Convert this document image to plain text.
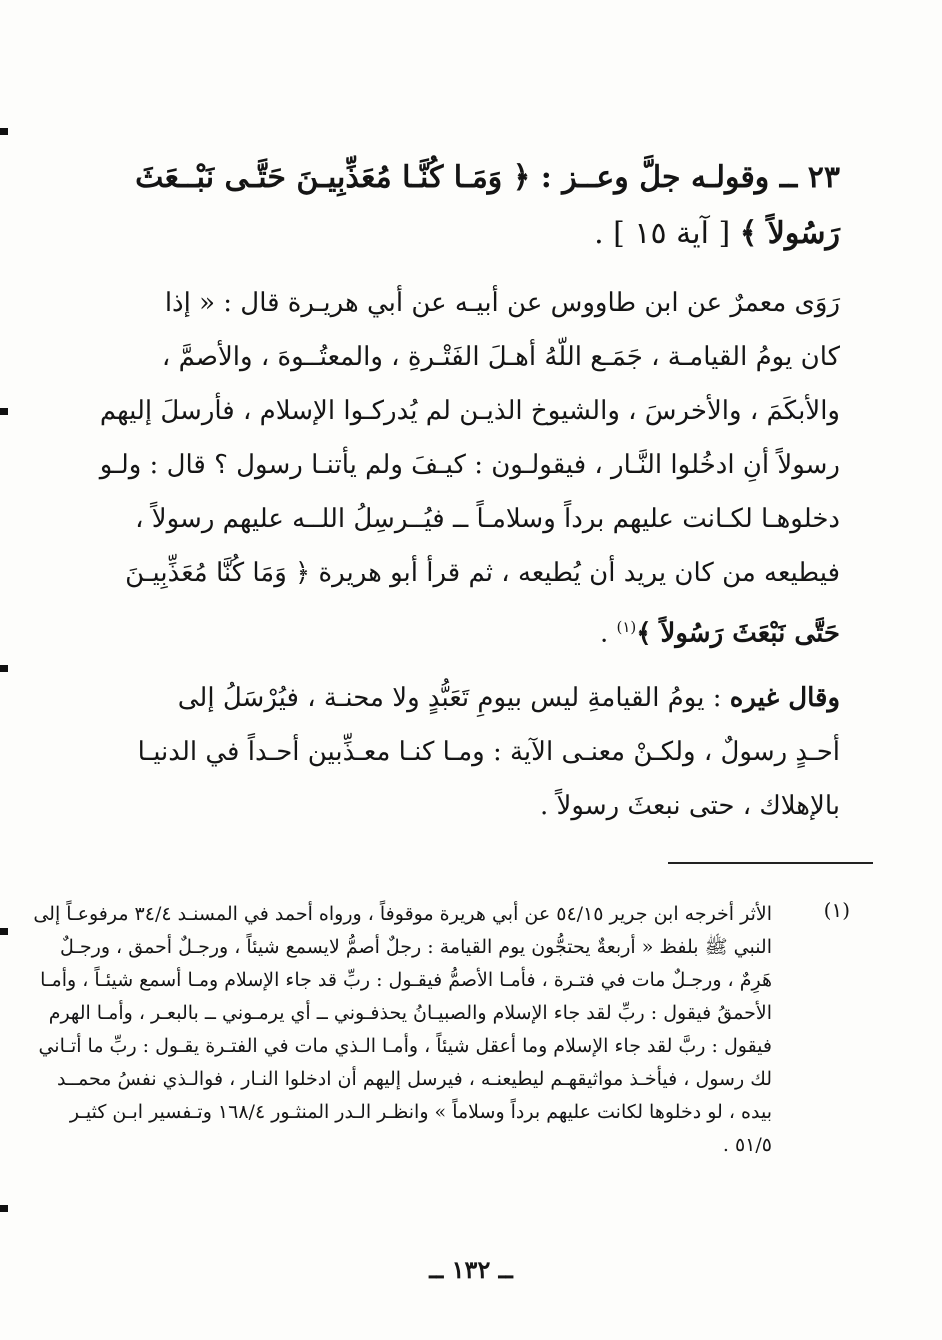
٢٣ ــ وقولـه جلَّ وعــز : ﴿ وَمَـا كُنَّـا مُعَذِّبِيـنَ حَتَّـى نَبْــعَثَ
رَسُولاً ﴾ [ آية ١٥ ] .
رَوَى معمرٌ عن ابن طاووس عن أبيـه عن أبي هريـرة قال : « إذا
كان يومُ القيامـة ، جَمَـع اللّهُ أهـلَ الفَتْـرةِ ، والمعتُــوهَ ، والأصمَّ ،
والأبكَمَ ، والأخرسَ ، والشيوخ الذيـن لم يُدركـوا الإسلام ، فأرسلَ إليهم
رسولاً أنِ ادخُلوا النَّـار ، فيقولـون : كيـفَ ولم يأتنـا رسول ؟ قال : ولـو
دخلوهـا لكـانت عليهم برداً وسلامـاً ــ فيُــرسِلُ اللــه عليهم رسولاً ،
فيطيعه من كان يريد أن يُطيعه ، ثم قرأ أبو هريرة ﴿ وَمَا كُنَّا مُعَذِّبِيـنَ
حَتَّى نَبْعَثَ رَسُولاً ﴾$^{(١)}$ .
وقال غيره : يومُ القيامةِ ليس بيومِ تَعَبُّدٍ ولا محنـة ، فيُرْسَلُ إلى
أحـدٍ رسولٌ ، ولكـنْ معنـى الآية : ومـا كنـا معـذِّبين أحـداً في الدنيـا
بالإهلاك ، حتى نبعثَ رسولاً .
(١)
الأثر أخرجه ابن جرير ٥٤/١٥ عن أبي هريرة موقوفاً ، ورواه أحمد في المسنـد ٣٤/٤ مرفوعـاً إلى
النبي ﷺ بلفظ « أربعةٌ يحتجُّون يوم القيامة : رجلٌ أصمُّ لايسمع شيئاً ، ورجـلٌ أحمق ، ورجـلٌ
هَرِمٌ ، ورجـلٌ مات في فتـرة ، فأمـا الأصمُّ فيقـول : ربِّ قد جاء الإسلام ومـا أسمع شيئـاً ، وأمـا
الأحمقُ فيقول : ربِّ لقد جاء الإسلام والصبيـانُ يحذفـوني ــ أي يرمـوني ــ بالبعـر ، وأمـا الهرم
فيقول : ربَّ لقد جاء الإسلام وما أعقل شيئاً ، وأمـا الـذي مات في الفتـرة يقـول : ربِّ ما أتـاني
لك رسول ، فيأخـذ مواثيقهـم ليطيعنـه ، فيرسل إليهم أن ادخلوا النـار ، فوالـذي نفسُ محمــد
بيده ، لو دخلوها لكانت عليهم برداً وسلاماً » وانظـر الـدر المنثـور ١٦٨/٤ وتـفسير ابـن كثيـر
٥١/٥ .
ــ ١٣٢ ــ
